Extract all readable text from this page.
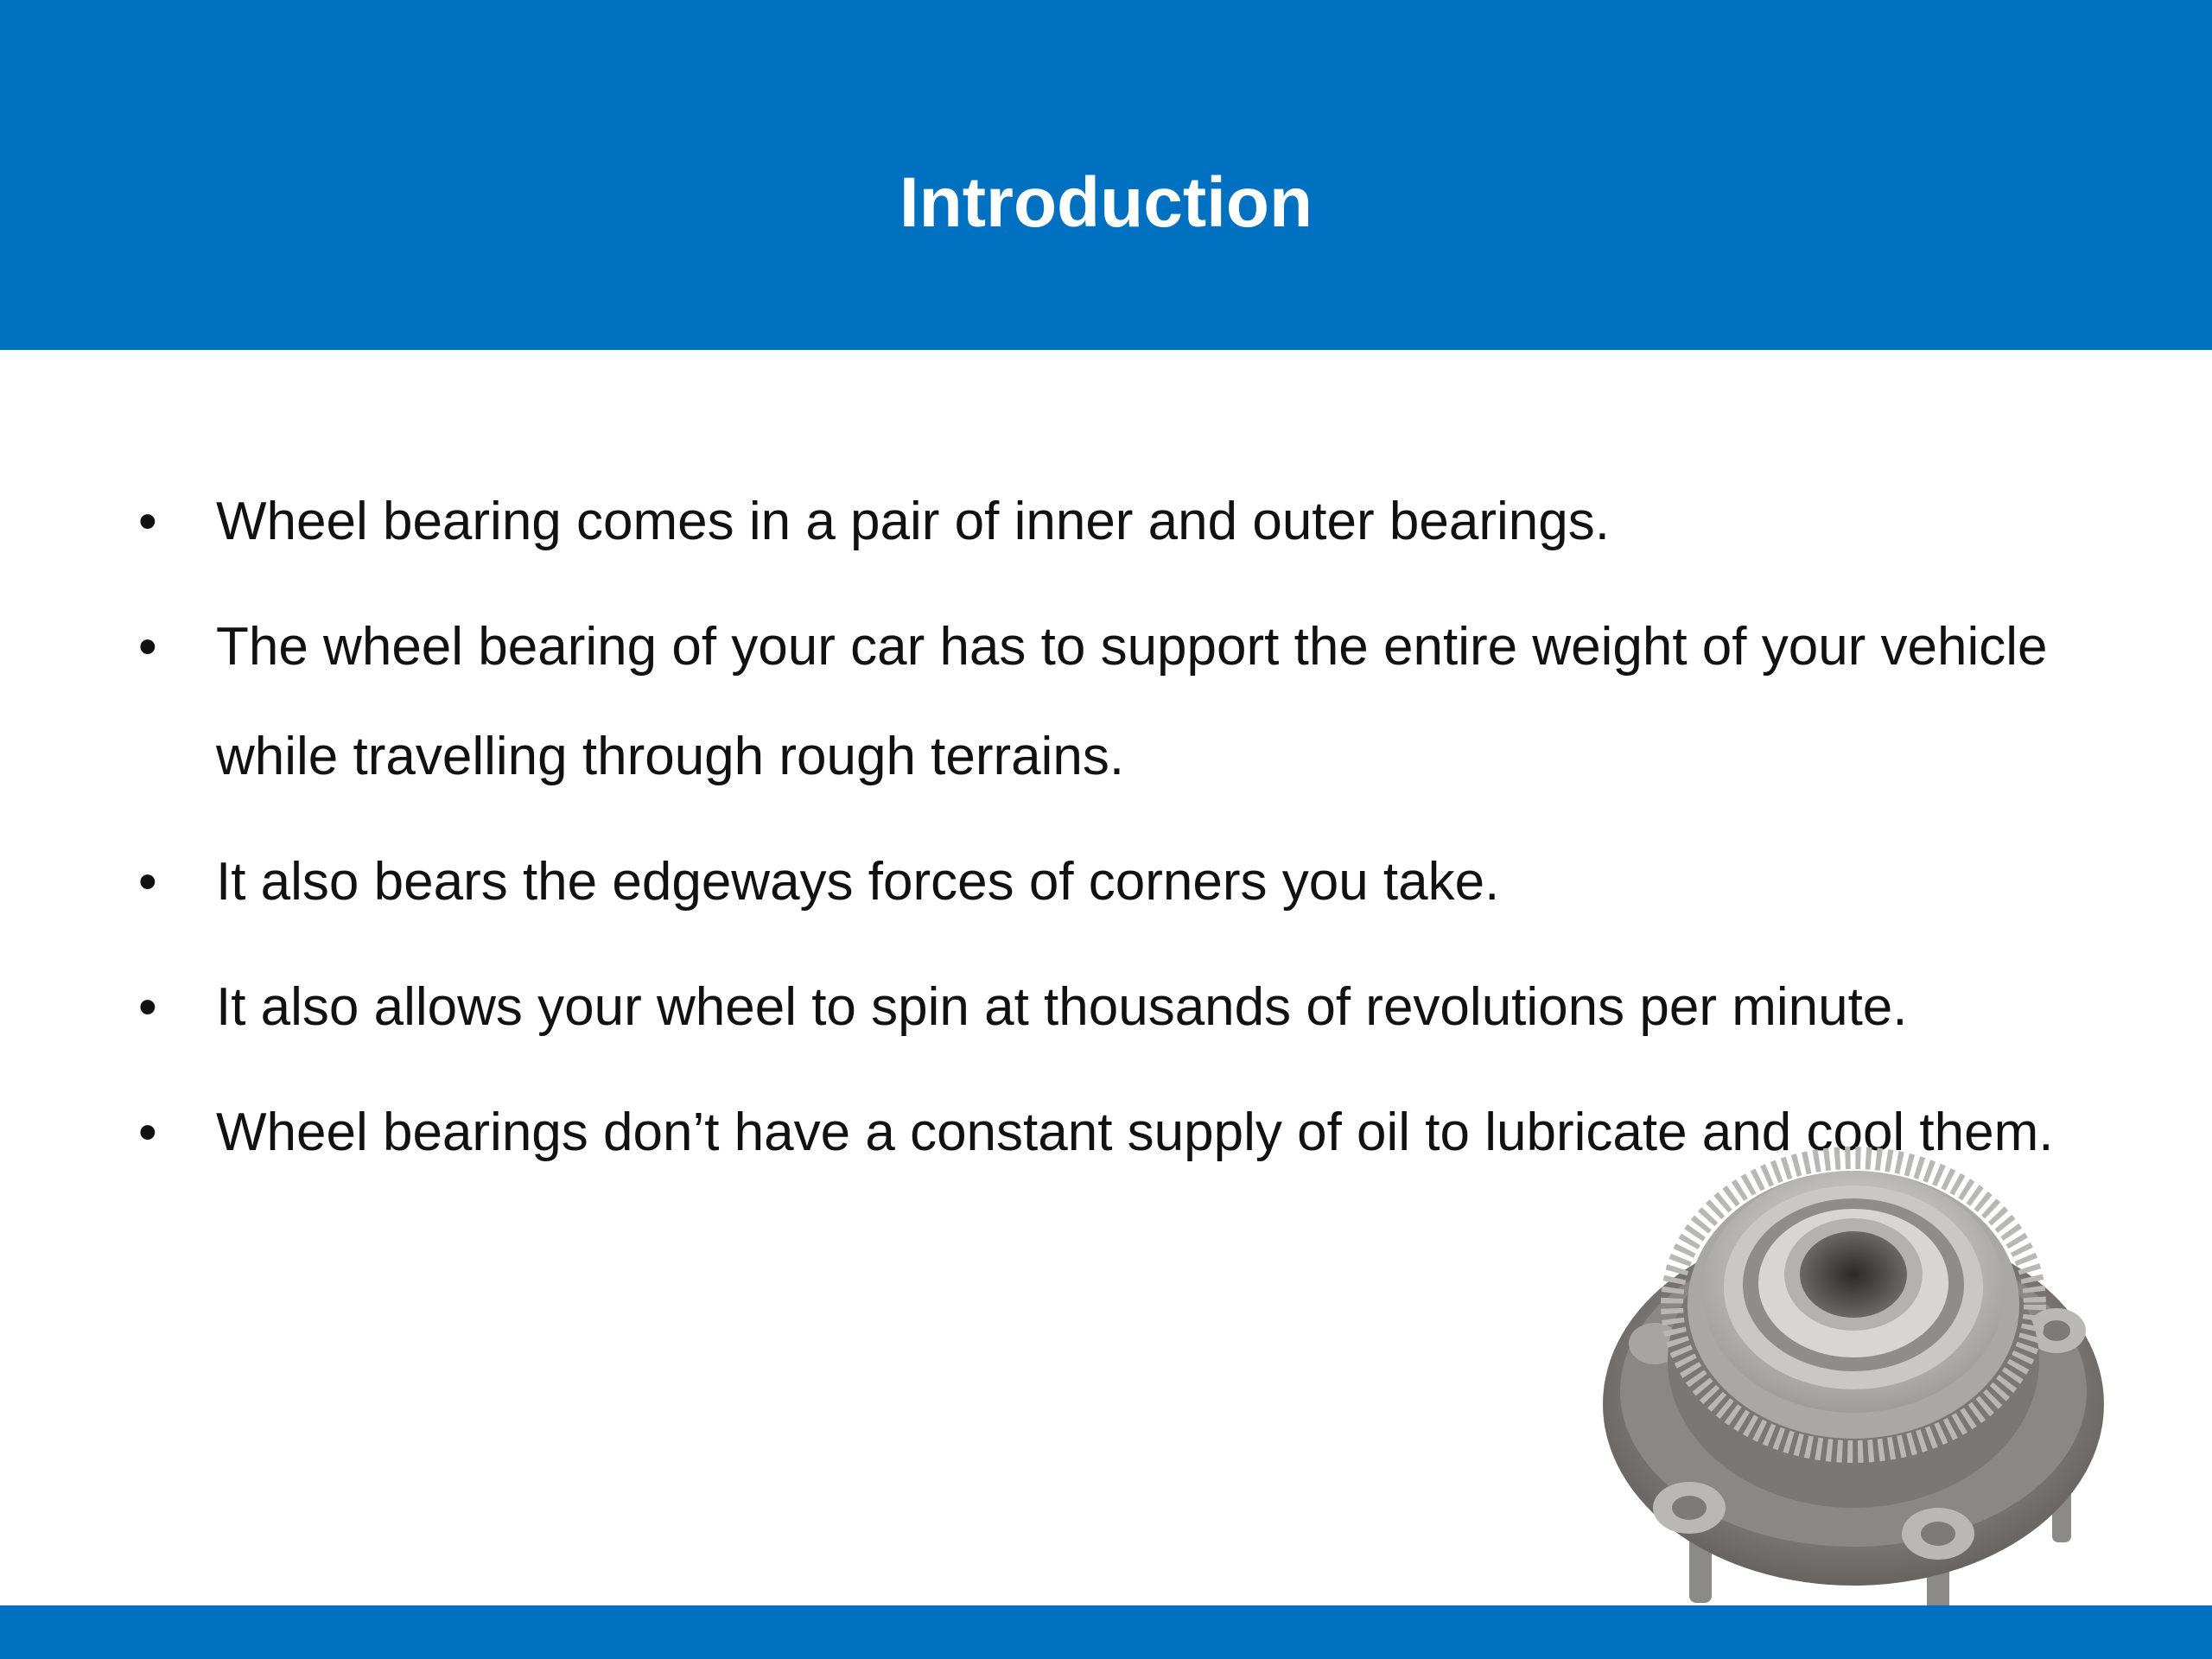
Introduction
• Wheel bearing comes in a pair of inner and outer bearings.
• The wheel bearing of your car has to support the entire weight of your vehicle while travelling through rough terrains.
• It also bears the edgeways forces of corners you take.
• It also allows your wheel to spin at thousands of revolutions per minute.
• Wheel bearings don’t have a constant supply of oil to lubricate and cool them.
